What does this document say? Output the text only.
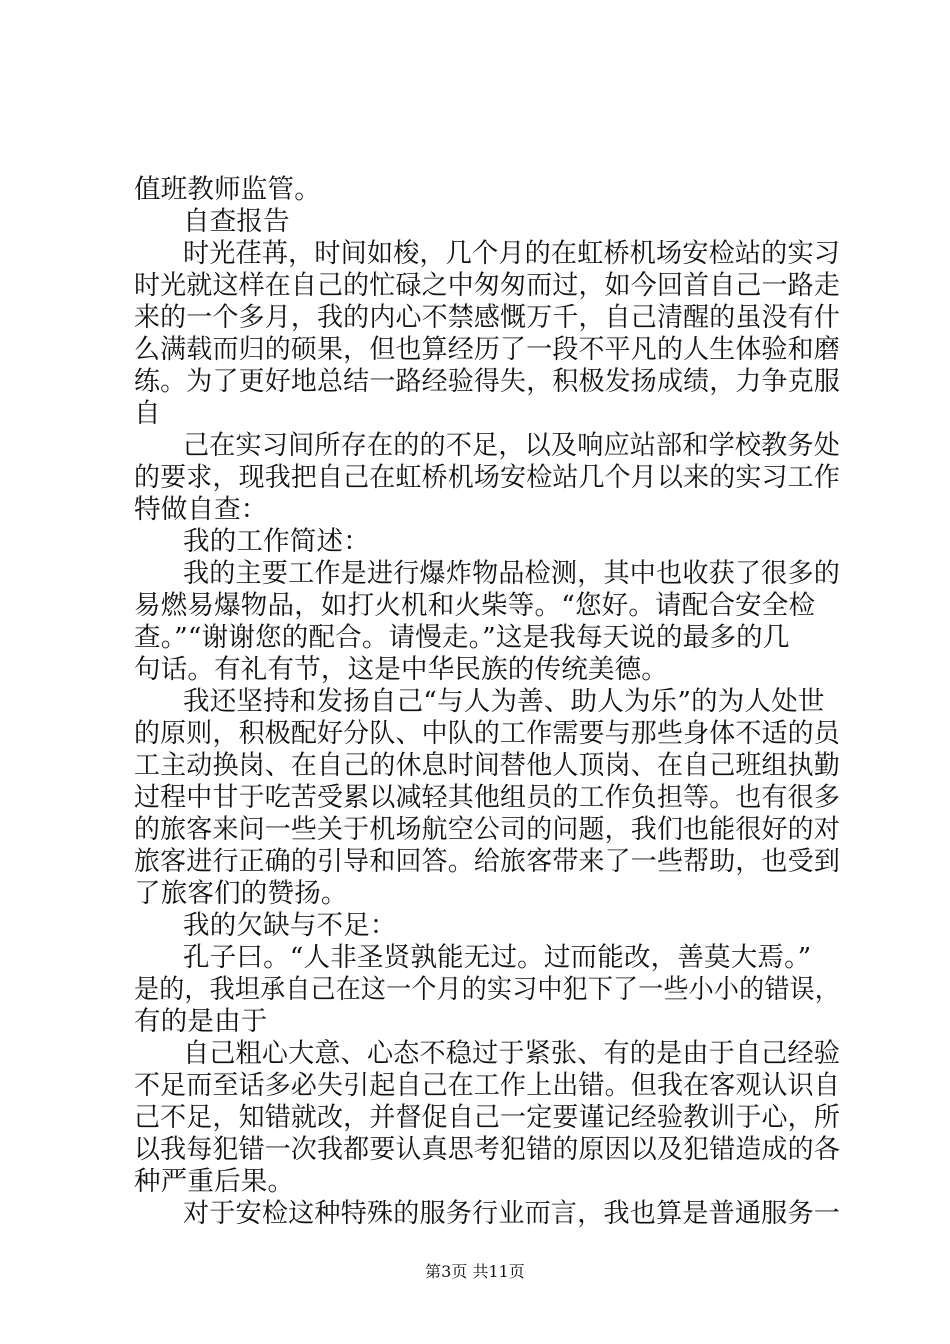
值班教师监管。
自查报告
时光荏苒，时间如梭，几个月的在虹桥机场安检站的实习
时光就这样在自己的忙碌之中匆匆而过，如今回首自己一路走
来的一个多月，我的内心不禁感慨万千，自己清醒的虽没有什
么满载而归的硕果，但也算经历了一段不平凡的人生体验和磨
练。为了更好地总结一路经验得失，积极发扬成绩，力争克服
自
己在实习间所存在的的不足，以及响应站部和学校教务处
的要求，现我把自己在虹桥机场安检站几个月以来的实习工作
特做自查：
我的工作简述：
我的主要工作是进行爆炸物品检测，其中也收获了很多的
易燃易爆物品，如打火机和火柴等。“您好。请配合安全检
查。”“谢谢您的配合。请慢走。”这是我每天说的最多的几
句话。有礼有节，这是中华民族的传统美德。
我还坚持和发扬自己“与人为善、助人为乐”的为人处世
的原则，积极配好分队、中队的工作需要与那些身体不适的员
工主动换岗、在自己的休息时间替他人顶岗、在自己班组执勤
过程中甘于吃苦受累以减轻其他组员的工作负担等。也有很多
的旅客来问一些关于机场航空公司的问题，我们也能很好的对
旅客进行正确的引导和回答。给旅客带来了一些帮助，也受到
了旅客们的赞扬。
我的欠缺与不足：
孔子曰。“人非圣贤孰能无过。过而能改，善莫大焉。”
是的，我坦承自己在这一个月的实习中犯下了一些小小的错误，
有的是由于
自己粗心大意、心态不稳过于紧张、有的是由于自己经验
不足而至话多必失引起自己在工作上出错。但我在客观认识自
己不足，知错就改，并督促自己一定要谨记经验教训于心，所
以我每犯错一次我都要认真思考犯错的原因以及犯错造成的各
种严重后果。
对于安检这种特殊的服务行业而言，我也算是普通服务一
第3页 共11页
